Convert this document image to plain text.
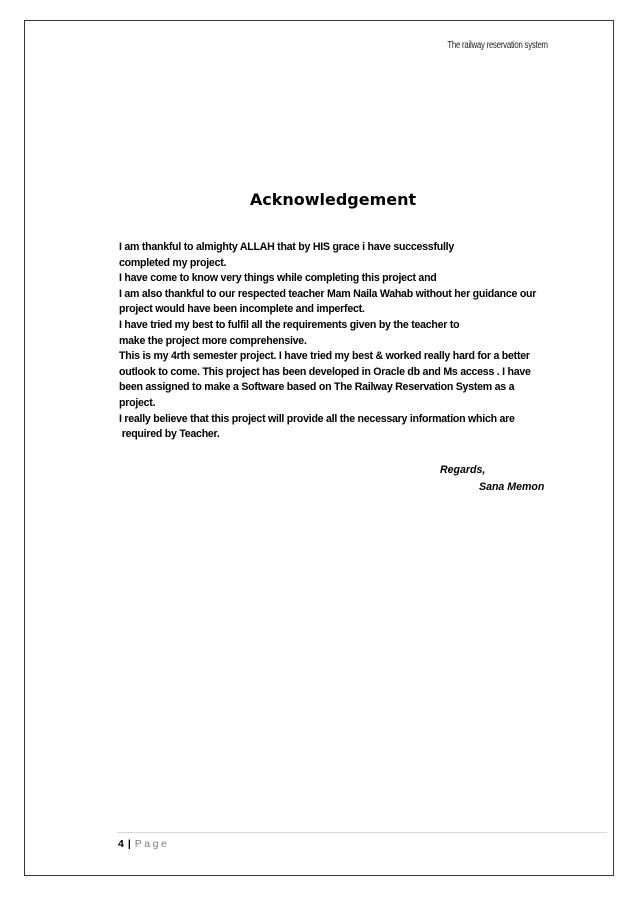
The railway reservation system
Acknowledgement
I am thankful to almighty ALLAH that by HIS grace i have successfully
completed my project.
I have come to know very things while completing this project and
I am also thankful to our respected teacher Mam Naila Wahab without her guidance our
project would have been incomplete and imperfect.
I have tried my best to fulfil all the requirements given by the teacher to
make the project more comprehensive.
This is my 4rth semester project. I have tried my best & worked really hard for a better
outlook to come. This project has been developed in Oracle db and Ms access . I have
been assigned to make a Software based on The Railway Reservation System as a
project.
I really believe that this project will provide all the necessary information which are
required by Teacher.
Regards,
Sana Memon
4 | Page
